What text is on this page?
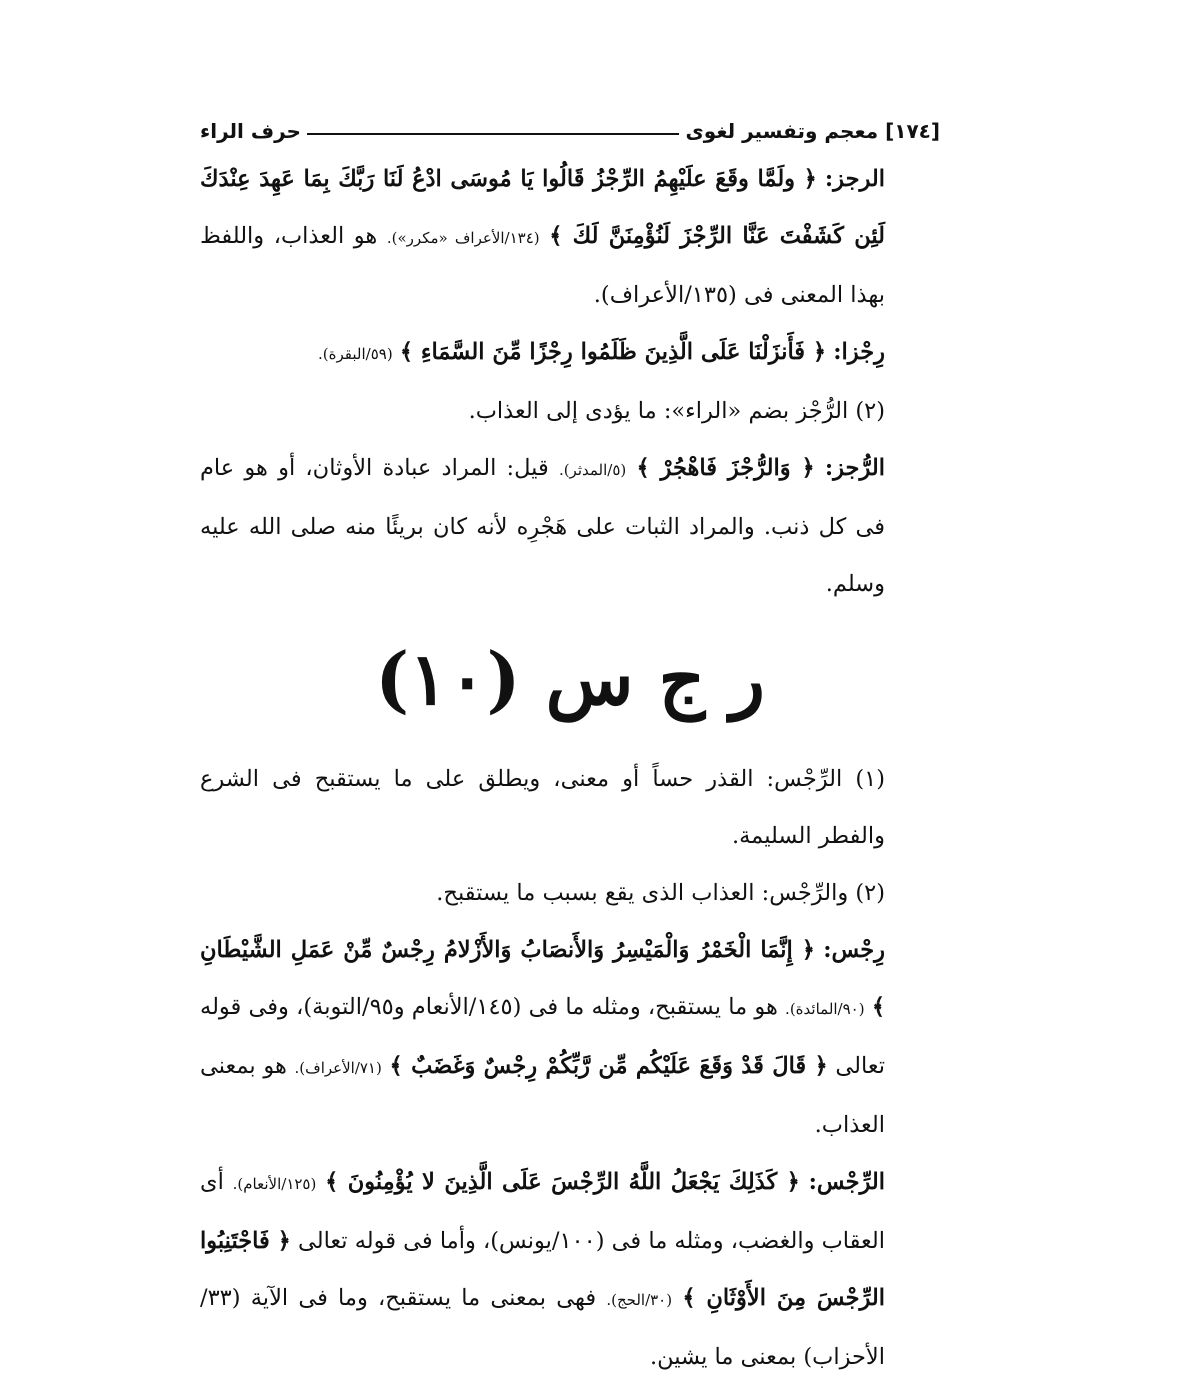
[١٧٤] معجم وتفسير لغوى
حرف الراء

الرجز: ﴿ ولَمَّا وقَعَ علَيْهِمُ الرِّجْزُ قَالُوا يَا مُوسَى ادْعُ لَنَا رَبَّكَ بِمَا عَهِدَ عِنْدَكَ لَئِن كَشَفْتَ عَنَّا الرِّجْزَ لَنُؤْمِنَنَّ لَكَ ﴾ (١٣٤/الأعراف «مكرر»). هو العذاب، واللفظ بهذا المعنى فى (١٣٥/الأعراف).

رِجْزا: ﴿ فَأَنزَلْنَا عَلَى الَّذِينَ ظَلَمُوا رِجْزًا مِّنَ السَّمَاءِ ﴾ (٥٩/البقرة).

(٢) الرُّجْز بضم «الراء»: ما يؤدى إلى العذاب.

الرُّجز: ﴿ وَالرُّجْزَ فَاهْجُرْ ﴾ (٥/المدثر). قيل: المراد عبادة الأوثان، أو هو عام فى كل ذنب. والمراد الثبات على هَجْرِه لأنه كان بريئًا منه صلى الله عليه وسلم.

ر ج س (١٠)

(١) الرِّجْس: القذر حساً أو معنى، ويطلق على ما يستقبح فى الشرع والفطر السليمة.

(٢) والرِّجْس: العذاب الذى يقع بسبب ما يستقبح.

رِجْس: ﴿ إِنَّمَا الْخَمْرُ وَالْمَيْسِرُ وَالأَنصَابُ وَالأَزْلامُ رِجْسٌ مِّنْ عَمَلِ الشَّيْطَانِ ﴾ (٩٠/المائدة). هو ما يستقبح، ومثله ما فى (١٤٥/الأنعام و٩٥/التوبة)، وفى قوله تعالى ﴿ قَالَ قَدْ وَقَعَ عَلَيْكُم مِّن رَّبِّكُمْ رِجْسٌ وَغَضَبٌ ﴾ (٧١/الأعراف). هو بمعنى العذاب.

الرِّجْس: ﴿ كَذَلِكَ يَجْعَلُ اللَّهُ الرِّجْسَ عَلَى الَّذِينَ لا يُؤْمِنُونَ ﴾ (١٢٥/الأنعام). أى العقاب والغضب، ومثله ما فى (١٠٠/يونس)، وأما فى قوله تعالى ﴿ فَاجْتَنِبُوا الرِّجْسَ مِنَ الأَوْثَانِ ﴾ (٣٠/الحج). فهى بمعنى ما يستقبح، وما فى الآية (٣٣/الأحزاب) بمعنى ما يشين.
